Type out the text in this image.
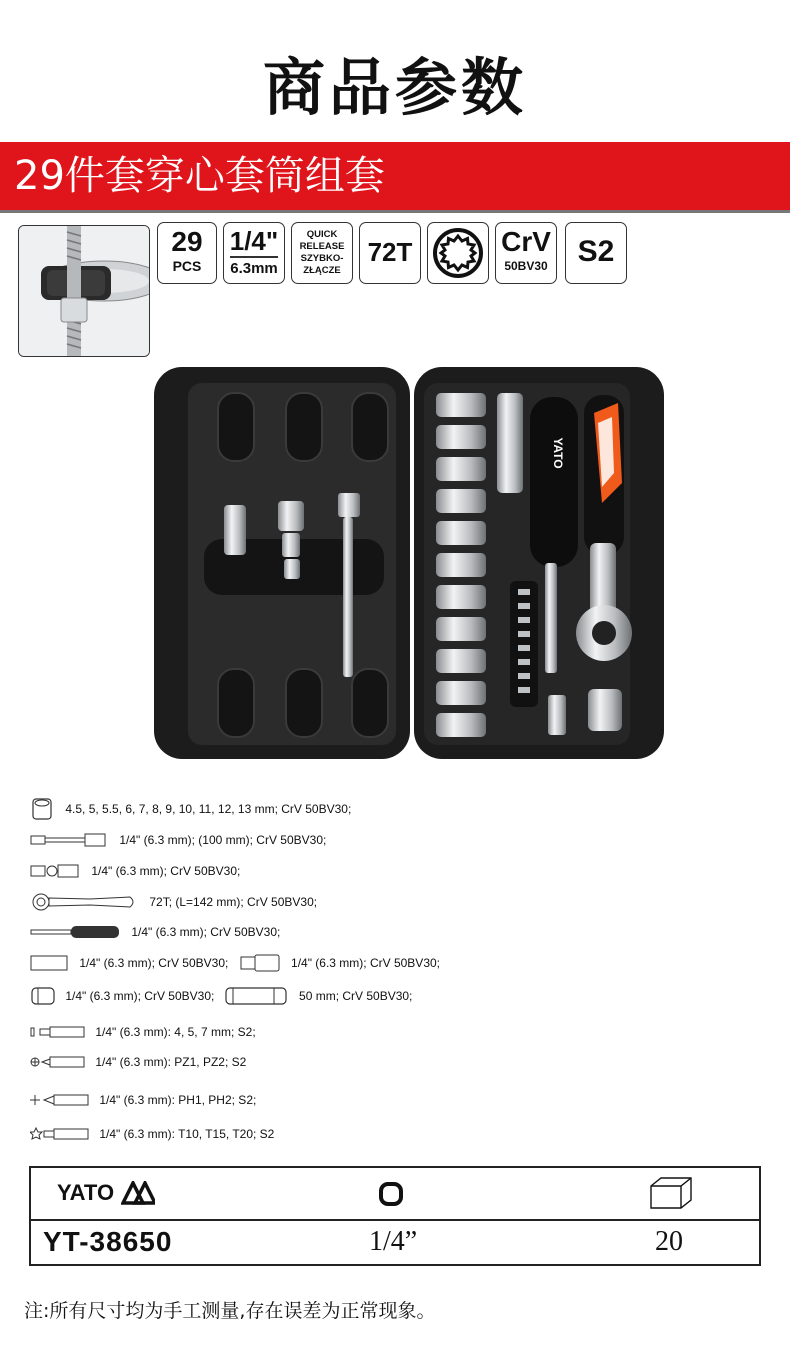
商品参数
29件套穿心套筒组套
29
PCS
1/4"
6.3mm
QUICK
RELEASE
SZYBKO-
ZŁĄCZE
72T	CrV
50BV30 S2
YATO
4.5, 5, 5.5, 6, 7, 8, 9, 10, 11, 12, 13 mm; CrV 50BV30;
1/4" (6.3 mm); (100 mm); CrV 50BV30;
1/4" (6.3 mm); CrV 50BV30;
72T; (L=142 mm); CrV 50BV30;
1/4" (6.3 mm); CrV 50BV30;
1/4" (6.3 mm); CrV 50BV30;	1/4" (6.3 mm); CrV 50BV30;
1/4" (6.3 mm); CrV 50BV30;	50 mm; CrV 50BV30;
1/4" (6.3 mm): 4, 5, 7 mm; S2;
1/4" (6.3 mm): PZ1, PZ2; S2
1/4" (6.3 mm): PH1, PH2; S2;
1/4" (6.3 mm): T10, T15, T20; S2
YATO
YT-38650	1/4”	20
注:所有尺寸均为手工测量,存在误差为正常现象。
